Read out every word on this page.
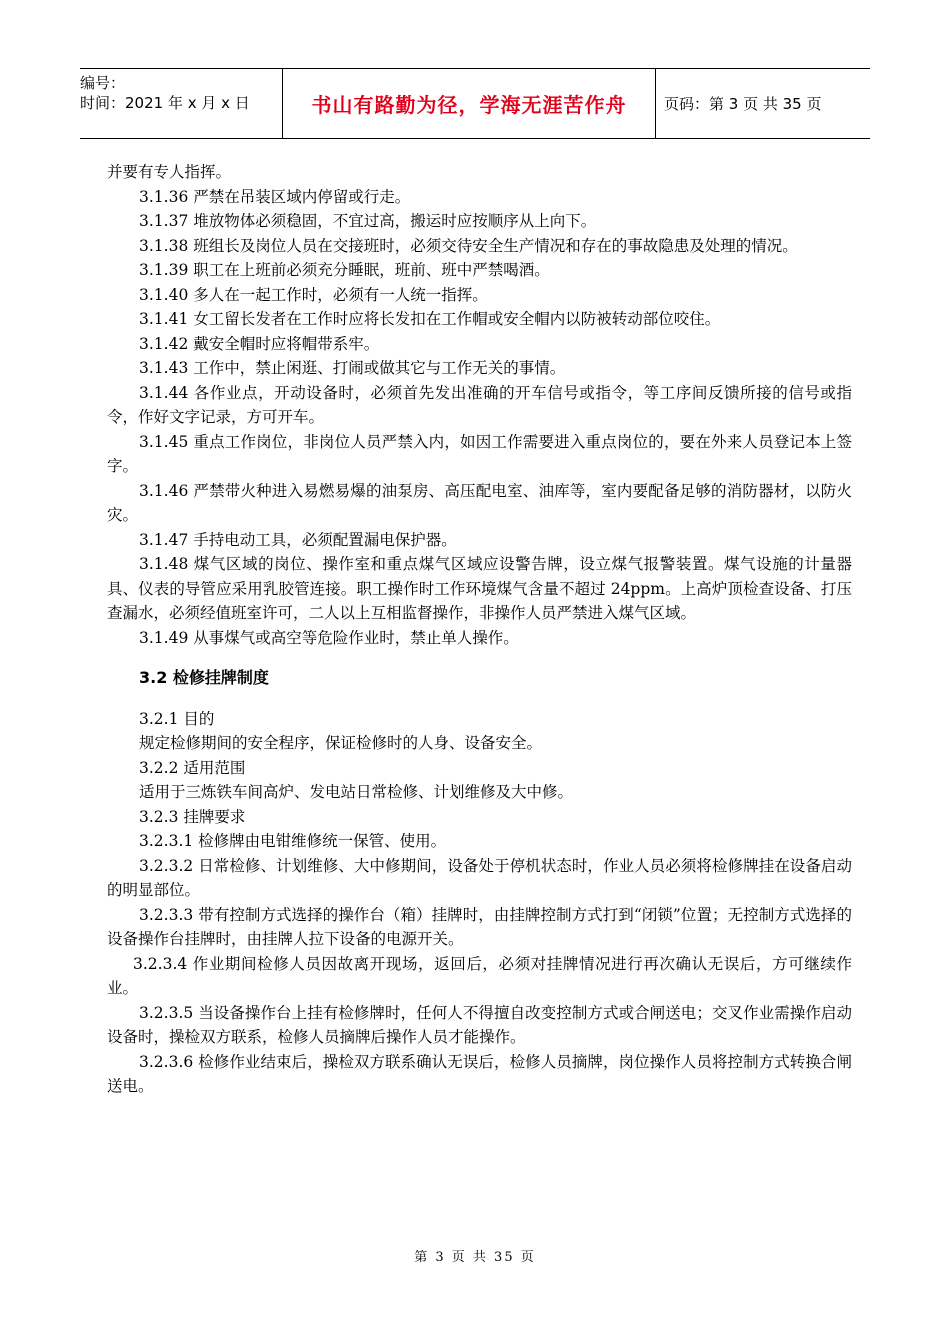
编号：
时间：2021 年 x 月 x 日	书山有路勤为径，学海无涯苦作舟	页码：第 3 页 共 35 页

并要有专人指挥。

3.1.36 严禁在吊装区域内停留或行走。

3.1.37 堆放物体必须稳固，不宜过高，搬运时应按顺序从上向下。

3.1.38 班组长及岗位人员在交接班时，必须交待安全生产情况和存在的事故隐患及处理的情况。

3.1.39 职工在上班前必须充分睡眠，班前、班中严禁喝酒。

3.1.40 多人在一起工作时，必须有一人统一指挥。

3.1.41 女工留长发者在工作时应将长发扣在工作帽或安全帽内以防被转动部位咬住。

3.1.42 戴安全帽时应将帽带系牢。

3.1.43 工作中，禁止闲逛、打闹或做其它与工作无关的事情。

3.1.44 各作业点，开动设备时，必须首先发出准确的开车信号或指令，等工序间反馈所接的信号或指令，作好文字记录，方可开车。

3.1.45 重点工作岗位，非岗位人员严禁入内，如因工作需要进入重点岗位的，要在外来人员登记本上签字。

3.1.46 严禁带火种进入易燃易爆的油泵房、高压配电室、油库等，室内要配备足够的消防器材，以防火灾。

3.1.47 手持电动工具，必须配置漏电保护器。

3.1.48 煤气区域的岗位、操作室和重点煤气区域应设警告牌，设立煤气报警装置。煤气设施的计量器具、仪表的导管应采用乳胶管连接。职工操作时工作环境煤气含量不超过 24ppm。上高炉顶检查设备、打压查漏水，必须经值班室许可，二人以上互相监督操作，非操作人员严禁进入煤气区域。

3.1.49 从事煤气或高空等危险作业时，禁止单人操作。

3.2 检修挂牌制度

3.2.1 目的

规定检修期间的安全程序，保证检修时的人身、设备安全。

3.2.2 适用范围

适用于三炼铁车间高炉、发电站日常检修、计划维修及大中修。

3.2.3 挂牌要求

3.2.3.1 检修牌由电钳维修统一保管、使用。

3.2.3.2 日常检修、计划维修、大中修期间，设备处于停机状态时，作业人员必须将检修牌挂在设备启动的明显部位。

3.2.3.3 带有控制方式选择的操作台（箱）挂牌时，由挂牌控制方式打到“闭锁”位置；无控制方式选择的设备操作台挂牌时，由挂牌人拉下设备的电源开关。

3.2.3.4 作业期间检修人员因故离开现场，返回后，必须对挂牌情况进行再次确认无误后，方可继续作业。

3.2.3.5 当设备操作台上挂有检修牌时，任何人不得擅自改变控制方式或合闸送电；交叉作业需操作启动设备时，操检双方联系，检修人员摘牌后操作人员才能操作。

3.2.3.6 检修作业结束后，操检双方联系确认无误后，检修人员摘牌，岗位操作人员将控制方式转换合闸送电。

第 3 页 共 35 页
